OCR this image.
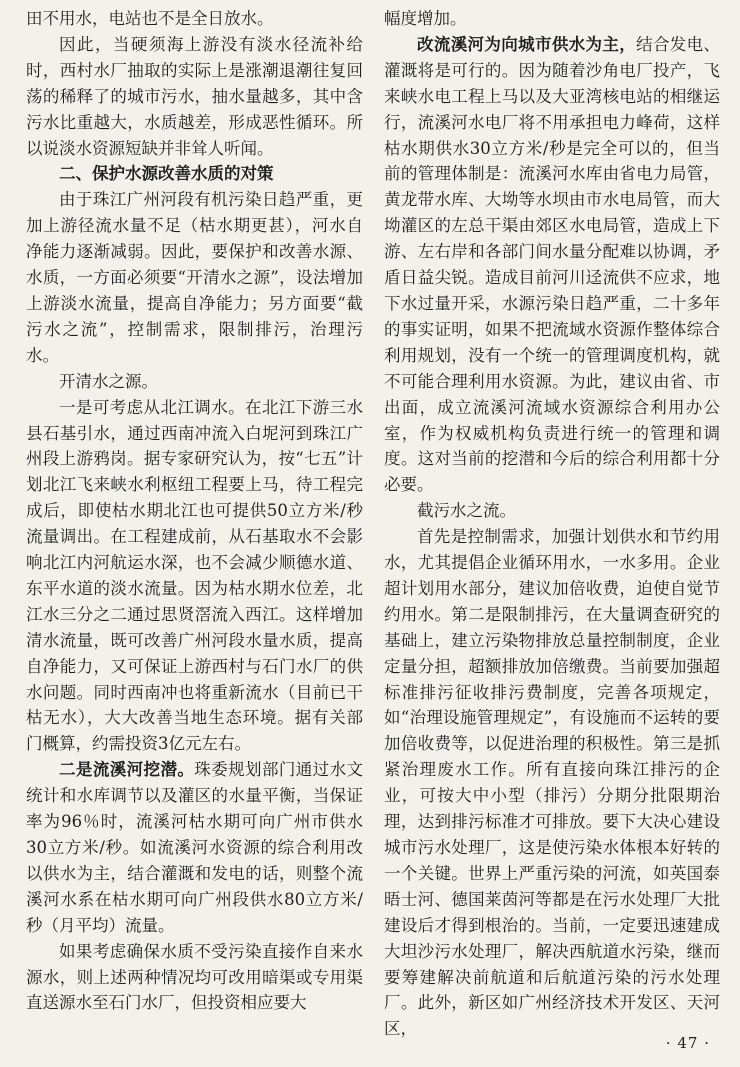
田不用水，电站也不是全日放水。

因此，当硬须海上游没有淡水径流补给时，西村水厂抽取的实际上是涨潮退潮往复回荡的稀释了的城市污水，抽水量越多，其中含污水比重越大，水质越差，形成恶性循环。所以说淡水资源短缺并非耸人听闻。

二、保护水源改善水质的对策

由于珠江广州河段有机污染日趋严重，更加上游径流水量不足（枯水期更甚），河水自净能力逐渐减弱。因此，要保护和改善水源、水质，一方面必须要“开清水之源”，设法增加上游淡水流量，提高自净能力；另方面要“截污水之流”，控制需求，限制排污，治理污水。

开清水之源。

一是可考虑从北江调水。在北江下游三水县石基引水，通过西南冲流入白坭河到珠江广州段上游鸦岗。据专家研究认为，按“七五”计划北江飞来峡水利枢纽工程要上马，待工程完成后，即使枯水期北江也可提供50立方米/秒流量调出。在工程建成前，从石基取水不会影响北江内河航运水深，也不会减少顺德水道、东平水道的淡水流量。因为枯水期水位差，北江水三分之二通过思贤滘流入西江。这样增加清水流量，既可改善广州河段水量水质，提高自净能力，又可保证上游西村与石门水厂的供水问题。同时西南冲也将重新流水（目前已干枯无水），大大改善当地生态环境。据有关部门概算，约需投资3亿元左右。

二是流溪河挖潜。珠委规划部门通过水文统计和水库调节以及灌区的水量平衡，当保证率为96％时，流溪河枯水期可向广州市供水30立方米/秒。如流溪河水资源的综合利用改以供水为主，结合灌溉和发电的话，则整个流溪河水系在枯水期可向广州段供水80立方米/秒（月平均）流量。

如果考虑确保水质不受污染直接作自来水源水，则上述两种情况均可改用暗渠或专用渠直送源水至石门水厂，但投资相应要大

幅度增加。

改流溪河为向城市供水为主，结合发电、灌溉将是可行的。因为随着沙角电厂投产，飞来峡水电工程上马以及大亚湾核电站的相继运行，流溪河水电厂将不用承担电力峰荷，这样枯水期供水30立方米/秒是完全可以的，但当前的管理体制是：流溪河水库由省电力局管，黄龙带水库、大坳等水坝由市水电局管，而大坳灌区的左总干渠由郊区水电局管，造成上下游、左右岸和各部门间水量分配难以协调，矛盾日益尖锐。造成目前河川迳流供不应求，地下水过量开采，水源污染日趋严重，二十多年的事实证明，如果不把流域水资源作整体综合利用规划，没有一个统一的管理调度机构，就不可能合理利用水资源。为此，建议由省、市出面，成立流溪河流域水资源综合利用办公室，作为权威机构负责进行统一的管理和调度。这对当前的挖潜和今后的综合利用都十分必要。

截污水之流。

首先是控制需求，加强计划供水和节约用水，尤其提倡企业循环用水，一水多用。企业超计划用水部分，建议加倍收费，迫使自觉节约用水。第二是限制排污，在大量调查研究的基础上，建立污染物排放总量控制制度，企业定量分担，超额排放加倍缴费。当前要加强超标准排污征收排污费制度，完善各项规定，如“治理设施管理规定”，有设施而不运转的要加倍收费等，以促进治理的积极性。第三是抓紧治理废水工作。所有直接向珠江排污的企业，可按大中小型（排污）分期分批限期治理，达到排污标准才可排放。要下大决心建设城市污水处理厂，这是使污染水体根本好转的一个关键。世界上严重污染的河流，如英国泰晤士河、德国莱茵河等都是在污水处理厂大批建设后才得到根治的。当前，一定要迅速建成大坦沙污水处理厂，解决西航道水污染，继而要筹建解决前航道和后航道污染的污水处理厂。此外，新区如广州经济技术开发区、天河区，

· 47 ·
